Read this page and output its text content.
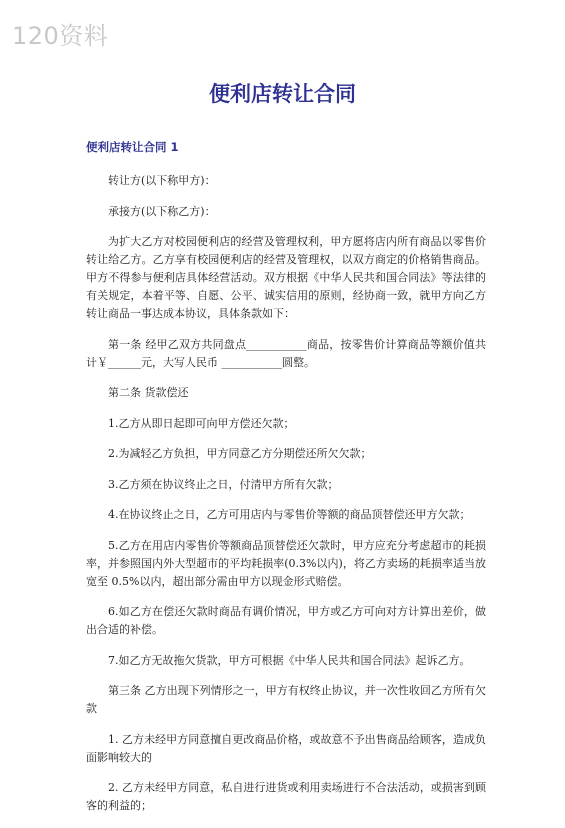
120资料
便利店转让合同
便利店转让合同 1

转让方(以下称甲方)：

承接方(以下称乙方)：

为扩大乙方对校园便利店的经营及管理权利，甲方愿将店内所有商品以零售价转让给乙方。乙方享有校园便利店的经营及管理权，以双方商定的价格销售商品。甲方不得参与便利店具体经营活动。双方根据《中华人民共和国合同法》等法律的有关规定，本着平等、自愿、公平、诚实信用的原则，经协商一致，就甲方向乙方转让商品一事达成本协议，具体条款如下：

第一条 经甲乙双方共同盘点___________商品，按零售价计算商品等额价值共计￥______元，大写人民币 ___________圆整。

第二条 货款偿还

1.乙方从即日起即可向甲方偿还欠款；

2.为减轻乙方负担，甲方同意乙方分期偿还所欠欠款；

3.乙方须在协议终止之日，付清甲方所有欠款；

4.在协议终止之日，乙方可用店内与零售价等额的商品顶替偿还甲方欠款；

5.乙方在用店内零售价等额商品顶替偿还欠款时，甲方应充分考虑超市的耗损率，并参照国内外大型超市的平均耗损率(0.3%以内)，将乙方卖场的耗损率适当放宽至 0.5%以内，超出部分需由甲方以现金形式赔偿。

6.如乙方在偿还欠款时商品有调价情况，甲方或乙方可向对方计算出差价，做出合适的补偿。

7.如乙方无故拖欠货款，甲方可根据《中华人民共和国合同法》起诉乙方。

第三条 乙方出现下列情形之一，甲方有权终止协议，并一次性收回乙方所有欠款

1. 乙方未经甲方同意擅自更改商品价格，或故意不予出售商品给顾客，造成负面影响较大的

2. 乙方未经甲方同意，私自进行进货或利用卖场进行不合法活动，或损害到顾客的利益的；
